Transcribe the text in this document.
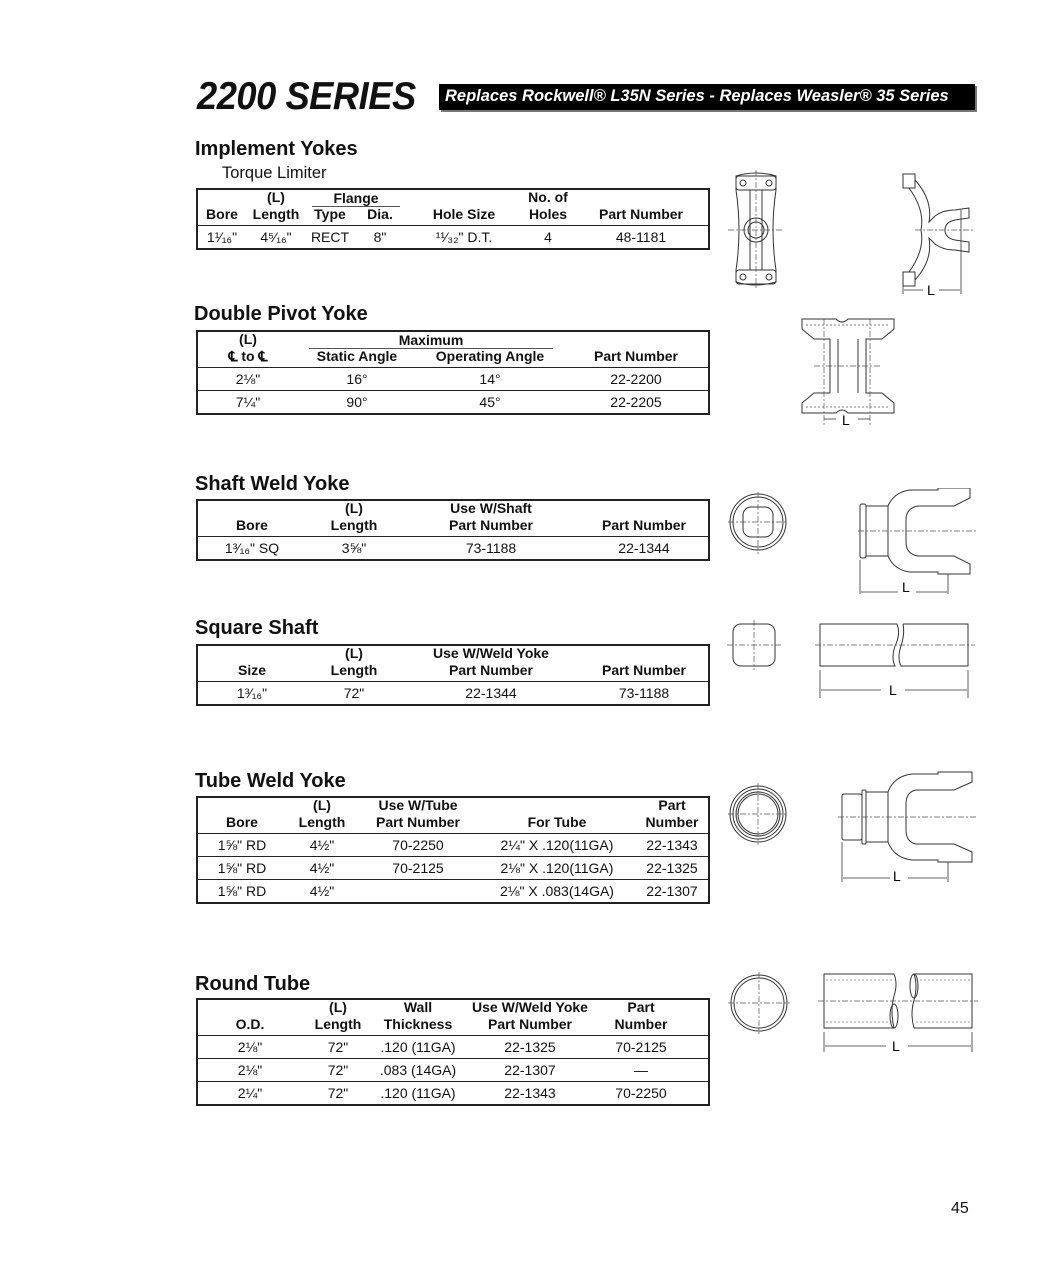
2200 SERIES	Replaces Rockwell® L35N Series - Replaces Weasler® 35 Series
Implement Yokes
Torque Limiter
	(L)	Flange			No. of	
Bore	Length	Type	Dia.	Hole Size	Holes	Part Number
1¹⁄₁₆"	4⁵⁄₁₆"	RECT	8"	¹¹⁄₃₂" D.T.	4	48-1181
L
Double Pivot Yoke
(L)	Maximum		
℄ to ℄	Static Angle	Operating Angle	Part Number
2⅛"	16°	14°	22-2200
7¼"	90°	45°	22-2205
L
Shaft Weld Yoke
	(L)	Use W/Shaft	
Bore	Length	Part Number	Part Number
1³⁄₁₆" SQ	3⅝"	73-1188	22-1344
L
Square Shaft
	(L)	Use W/Weld Yoke	
Size	Length	Part Number	Part Number
1³⁄₁₆"	72"	22-1344	73-1188	L
Tube Weld Yoke
	(L)	Use W/Tube		Part
Bore	Length	Part Number	For Tube	Number
1⅝" RD	4½"	70-2250	2¼" X .120(11GA)	22-1343
1⅝" RD	4½"	70-2125	2⅛" X .120(11GA)	22-1325
1⅝" RD	4½"		2⅛" X .083(14GA)	22-1307
L
Round Tube
	(L)	Wall	Use W/Weld Yoke	Part	
O.D.	Length	Thickness	Part Number	Number	
2⅛"	72"	.120 (11GA)	22-1325	70-2125	
2⅛"	72"	.083 (14GA)	22-1307	—	
2¼"	72"	.120 (11GA)	22-1343	70-2250	
L
45
